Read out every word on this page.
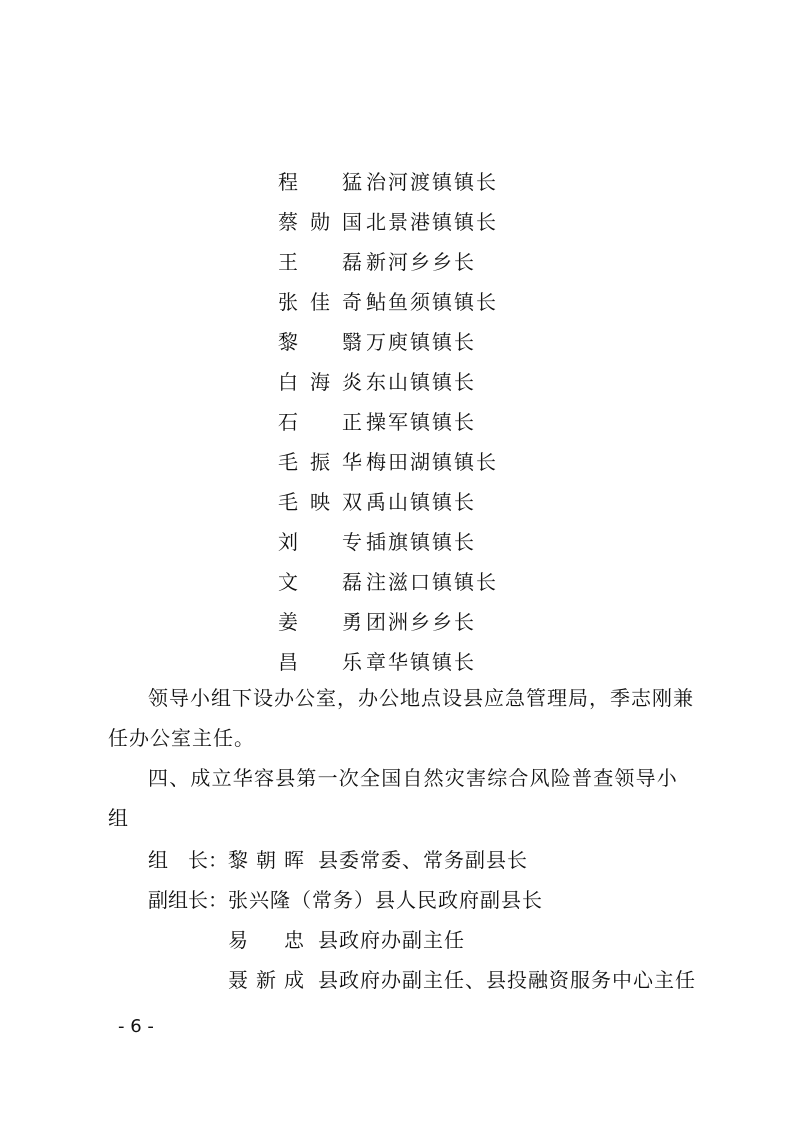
程 猛 治河渡镇镇长
蔡勋国 北景港镇镇长
王 磊 新河乡乡长
张佳奇 鲇鱼须镇镇长
黎 翳 万庾镇镇长
白海炎 东山镇镇长
石 正 操军镇镇长
毛振华 梅田湖镇镇长
毛映双 禹山镇镇长
刘 专 插旗镇镇长
文 磊 注滋口镇镇长
姜 勇 团洲乡乡长
昌 乐 章华镇镇长

领导小组下设办公室，办公地点设县应急管理局，季志刚兼任办公室主任。

四、成立华容县第一次全国自然灾害综合风险普查领导小组

组 长 ： 黎朝晖 县委常委、常务副县长
副组长： 张兴隆（常务）县人民政府副县长
易 忠 县政府办副主任
聂新成 县政府办副主任、县投融资服务中心主任
- 6 -
